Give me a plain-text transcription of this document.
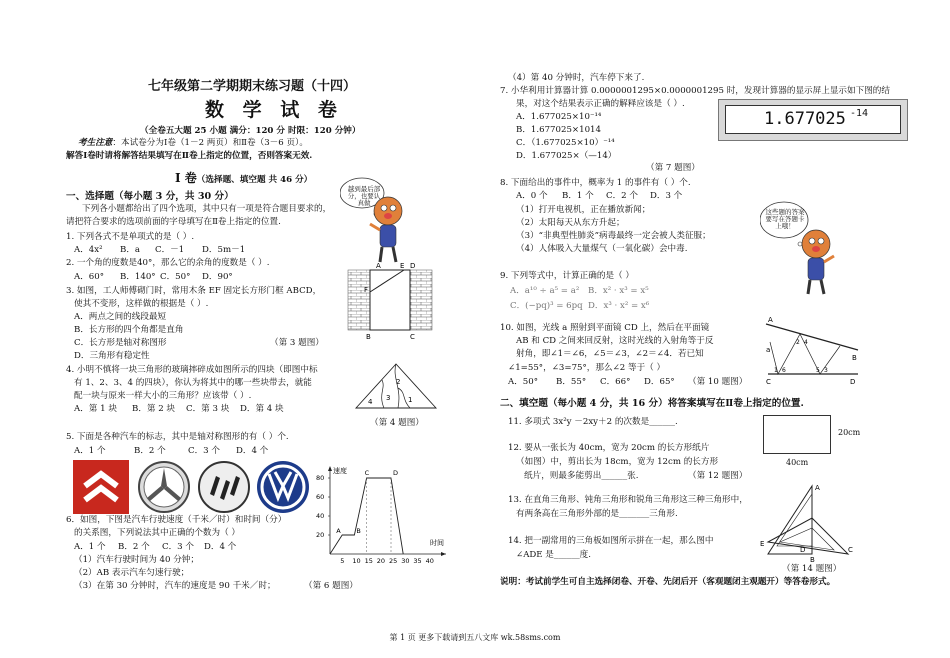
七年级第二学期期末练习题（十四）
数 学 试 卷
（全卷五大题 25 小题 满分：120 分 时限：120 分钟）
考生注意：本试卷分为Ⅰ卷（1－2 两页）和Ⅱ卷（3－6 页）。
解答Ⅰ卷时请将解答结果填写在Ⅱ卷上指定的位置，否则答案无效.
Ⅰ 卷（选择题、填空题 共 46 分）
一、选择题（每小题 3 分，共 30 分）
下列各小题都给出了四个选项，其中只有一项是符合题目要求的，
请把符合要求的选项前面的字母填写在Ⅱ卷上指定的位置.
越到最后部分，也要认真做
1. 下列各式不是单项式的是（ ）.
A．4x² B．a C．－1 D．5m－1
2. 一个角的度数是40°，那么它的余角的度数是（ ）.
A．60° B．140° C．50° D．90°
3. 如图，工人师傅砌门时，常用木条 EF 固定长方形门框 ABCD，
使其不变形，这样做的根据是（ ）.
A．两点之间的线段最短
B．长方形的四个角都是直角
C．长方形是轴对称图形	（第 3 题图）
D．三角形有稳定性
A	E D
F
B	C
4. 小明不慎将一块三角形的玻璃摔碎成如图所示的四块（即图中标
有 1、2、3、4 的四块），你认为将其中的哪一些块带去，就能
配一块与原来一样大小的三角形？应该带（ ）.
A．第 1 块 B．第 2 块 C．第 3 块 D．第 4 块
4 3
2
1
（第 4 题图）
5. 下面是各种汽车的标志，其中是轴对称图形的有（ ）个.
A．1 个	B．2 个	C．3 个 D．4 个
速度
时间
80
60
40
20
5 10 15 20 25 30 35 40
A B
C	D
6．如图，下图是汽车行驶速度（千米／时）和时间（分）
的关系图，下列说法其中正确的个数为（ ）
A．1 个 B．2 个 C．3 个 D．4 个
（1）汽车行驶时间为 40 分钟；
（2）AB 表示汽车匀速行驶；
（3）在第 30 分钟时，汽车的速度是 90 千米／时；	（第 6 题图）
（4）第 40 分钟时，汽车停下来了.
7. 小华利用计算器计算 0.0000001295×0.0000001295 时，发现计算器的显示屏上显示如下图的结
果，对这个结果表示正确的解释应该是（ ）.
A．1.677025×10⁻¹⁴
B．1.677025×1014
C．（1.677025×10）⁻¹⁴
D．1.677025×（—14）
1.677025 -14
（第 7 题图）
8. 下面给出的事件中，概率为 1 的事件有（ ）个.
A．0 个 B．1 个 C．2 个 D．3 个
（1）打开电视机，正在播放新闻；
（2）太阳每天从东方升起；
（3）“非典型性肺炎”病毒最终一定会被人类征服；
（4）人体吸入大量煤气（一氧化碳）会中毒.
这些题的答案要写在答题卡上哦！
9. 下列等式中，计算正确的是（ ）
A．a¹⁰ ÷ a⁵ = a² B．x² · x³ = x⁵
C．(−pq)³ = 6pq D．x³ · x² = x⁶
10. 如图，光线 a 照射到平面镜 CD 上，然后在平面镜
AB 和 CD 之间来回反射，这时光线的入射角等于反
射角，即∠1＝∠6，∠5＝∠3，∠2＝∠4．若已知
∠1=55°，∠3=75°，那么∠2 等于（ ）
A．50° B．55° C．66° D．65° （第 10 题图）
A
a
B
C
1 6	5 3
2 4
D
二、填空题（每小题 4 分，共 16 分）将答案填写在Ⅱ卷上指定的位置.
11. 多项式 3x²y －2xy＋2 的次数是______.
12. 要从一张长为 40cm，宽为 20cm 的长方形纸片
（如图）中，剪出长为 18cm，宽为 12cm 的长方形
纸片，则最多能剪出______张.	（第 12 题图）
20cm
40cm
13. 在直角三角形、钝角三角形和锐角三角形这三种三角形中，
有两条高在三角形外部的是_______三角形.
14. 把一副常用的三角板如图所示拼在一起，那么图中
∠ADE 是______度.
A
E
D
B
C
（第 14 题图）
说明：考试前学生可自主选择闭卷、开卷、先闭后开（客观题闭主观题开）等答卷形式。
第 1 页 更多下载请到五八文库 wk.58sms.com
